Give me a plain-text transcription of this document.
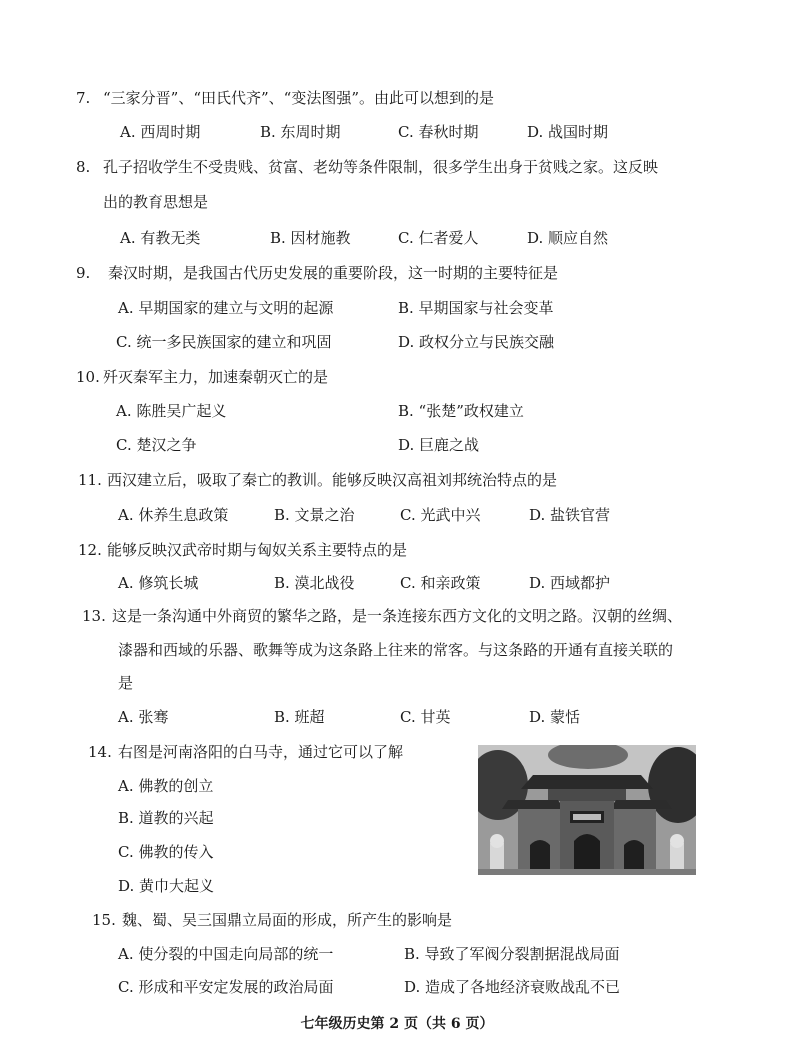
7. “三家分晋”、“田氏代齐”、“变法图强”。由此可以想到的是
A. 西周时期	B. 东周时期	C. 春秋时期	D. 战国时期
8. 孔子招收学生不受贵贱、贫富、老幼等条件限制，很多学生出身于贫贱之家。这反映
出的教育思想是
A. 有教无类	B. 因材施教	C. 仁者爱人	D. 顺应自然
9. 秦汉时期，是我国古代历史发展的重要阶段，这一时期的主要特征是
A. 早期国家的建立与文明的起源	B. 早期国家与社会变革
C. 统一多民族国家的建立和巩固	D. 政权分立与民族交融
10. 歼灭秦军主力，加速秦朝灭亡的是
A. 陈胜吴广起义	B. “张楚”政权建立
C. 楚汉之争	D. 巨鹿之战
11. 西汉建立后，吸取了秦亡的教训。能够反映汉高祖刘邦统治特点的是
A. 休养生息政策	B. 文景之治	C. 光武中兴	D. 盐铁官营
12. 能够反映汉武帝时期与匈奴关系主要特点的是
A. 修筑长城	B. 漠北战役	C. 和亲政策	D. 西域都护
13. 这是一条沟通中外商贸的繁华之路，是一条连接东西方文化的文明之路。汉朝的丝绸、
漆器和西域的乐器、歌舞等成为这条路上往来的常客。与这条路的开通有直接关联的
是
A. 张骞	B. 班超	C. 甘英	D. 蒙恬
14. 右图是河南洛阳的白马寺，通过它可以了解
A. 佛教的创立
B. 道教的兴起
C. 佛教的传入
D. 黄巾大起义
15. 魏、蜀、吴三国鼎立局面的形成，所产生的影响是
A. 使分裂的中国走向局部的统一	B. 导致了军阀分裂割据混战局面
C. 形成和平安定发展的政治局面	D. 造成了各地经济衰败战乱不已
七年级历史第 2 页（共 6 页）
